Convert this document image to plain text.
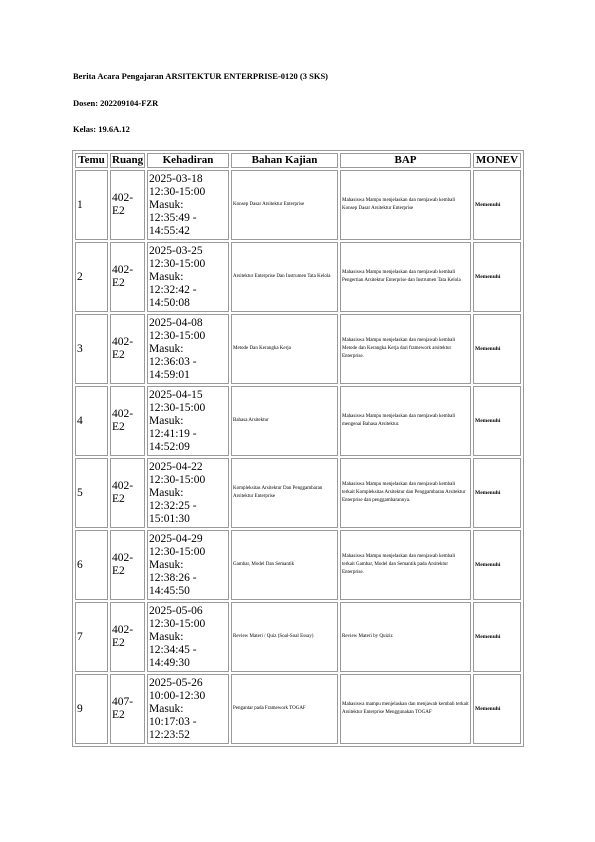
Berita Acara Pengajaran ARSITEKTUR ENTERPRISE-0120 (3 SKS)
Dosen: 202209104-FZR
Kelas: 19.6A.12
Temu	Ruang	Kehadiran	Bahan Kajian	BAP	MONEV
1	402-E2	2025-03-18
12:30-15:00
Masuk:
12:35:49 -
14:55:42	Konsep Dasar Arsitektur Enterprise	Mahasiswa Mampu menjelaskan dan menjawab kembali Konsep Dasar Arsitektur Enterprise	Memenuhi
2	402-E2	2025-03-25
12:30-15:00
Masuk:
12:32:42 -
14:50:08	Arsitektur Enterprise Dan Instrumen Tata Kelola	Mahasiswa Mampu menjelaskan dan menjawab kembali Pengertian Arsitektur Enterprise dan Instrumen Tata Kelola	Memenuhi
3	402-E2	2025-04-08
12:30-15:00
Masuk:
12:36:03 -
14:59:01	Metode Dan Kerangka Kerja	Mahasiswa Mampu menjelaskan dan menjawab kembali Metode dan Kerangka Kerja dari framework arsitektur Enterprise.	Memenuhi
4	402-E2	2025-04-15
12:30-15:00
Masuk:
12:41:19 -
14:52:09	Bahasa Arsitektur	Mahasiswa Mampu menjelaskan dan menjawab kembali mengenai Bahasa Arsitektur.	Memenuhi
5	402-E2	2025-04-22
12:30-15:00
Masuk:
12:32:25 -
15:01:30	Kompleksitas Arsitektur Dan Penggambaran Arsitektur Enterprise	Mahasiswa Mampu menjelaskan dan menjawab kembali terkait Kompleksitas Arsitektur dan Penggambaran Arsitektur Enterprise dan penggambarannya.	Memenuhi
6	402-E2	2025-04-29
12:30-15:00
Masuk:
12:38:26 -
14:45:50	Gambar, Model Dan Semantik	Mahasiswa Mampu menjelaskan dan menjawab kembali terkait Gambar, Model dan Semantik pada Arsitektur Enterprise.	Memenuhi
7	402-E2	2025-05-06
12:30-15:00
Masuk:
12:34:45 -
14:49:30	Review Materi / Quiz (Soal-Soal Essay)	Review Materi by Quiziz	Memenuhi
9	407-E2	2025-05-26
10:00-12:30
Masuk:
10:17:03 -
12:23:52	Pengantar pada Framework TOGAF	Mahasiswa mampu menjelaskan dan menjawab kembali terkait Arsitektur Enterprise Menggunakan TOGAF	Memenuhi
